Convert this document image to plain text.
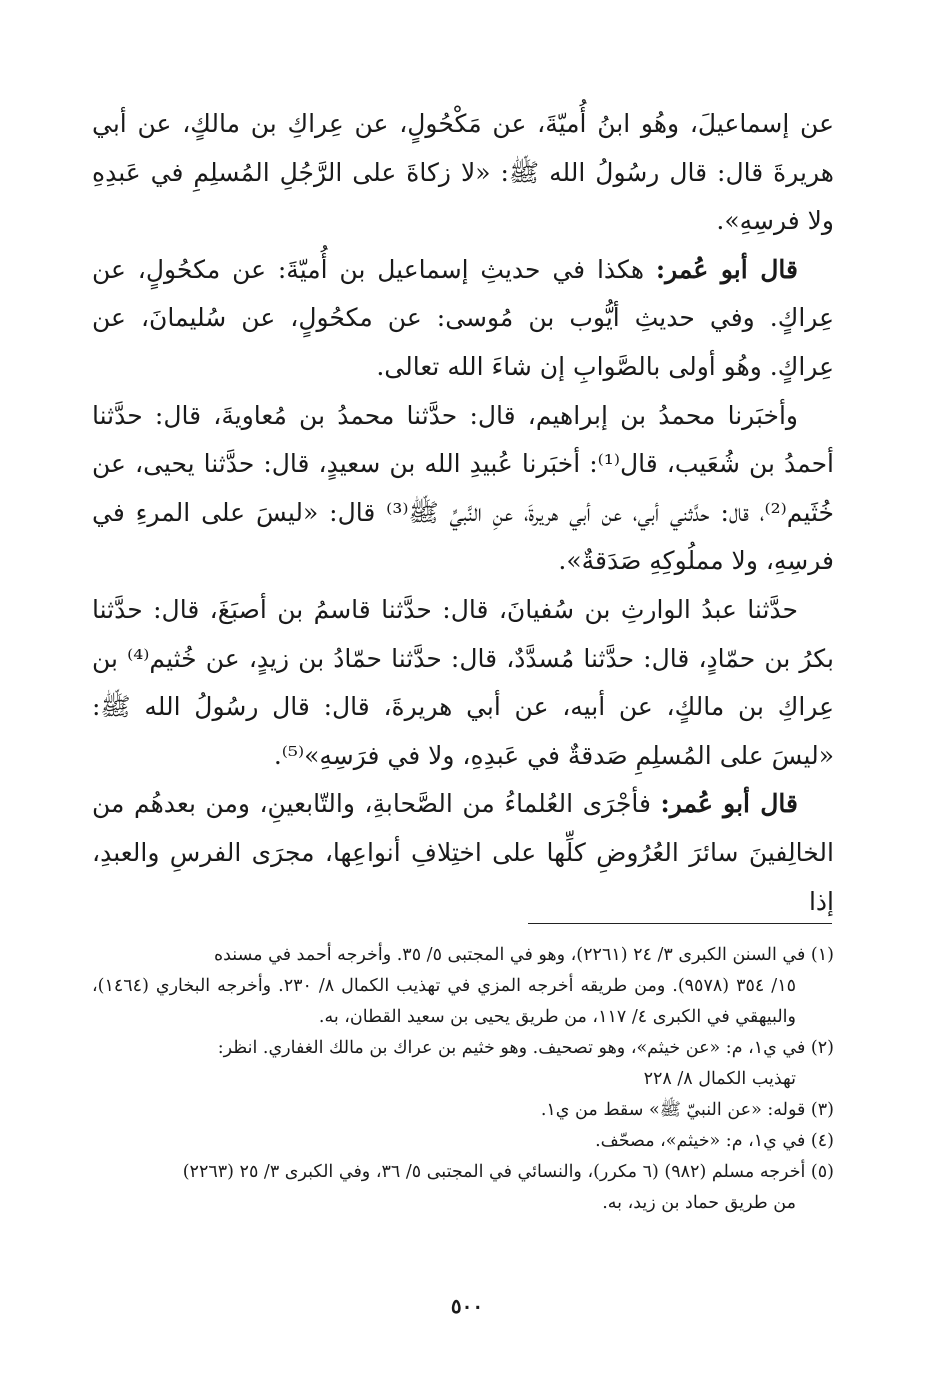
عن إسماعيلَ، وهُو ابنُ أُميّةَ، عن مَكْحُولٍ، عن عِراكِ بن مالكٍ، عن أبي هريرةَ قال: قال رسُولُ الله ﷺ: «لا زكاةَ على الرَّجُلِ المُسلِمِ في عَبدِهِ ولا فرسِهِ».

قال أبو عُمر: هكذا في حديثِ إسماعيل بن أُميّةَ: عن مكحُولٍ، عن عِراكٍ. وفي حديثِ أيُّوب بن مُوسى: عن مكحُولٍ، عن سُليمانَ، عن عِراكٍ. وهُو أولى بالصَّوابِ إن شاءَ الله تعالى.

وأخبَرنا محمدُ بن إبراهيم، قال: حدَّثنا محمدُ بن مُعاويةَ، قال: حدَّثنا أحمدُ بن شُعَيب، قال⁽¹⁾: أخبَرنا عُبيدِ الله بن سعيدٍ، قال: حدَّثنا يحيى، عن خُثَيم⁽²⁾، قال: حدَّثني أبي، عن أبي هريرةَ، عنِ النَّبيِّ ﷺ⁽³⁾ قال: «ليسَ على المرءِ في فرسِهِ، ولا مملُوكِهِ صَدَقةٌ».

حدَّثنا عبدُ الوارثِ بن سُفيانَ، قال: حدَّثنا قاسمُ بن أصبَغَ، قال: حدَّثنا بكرُ بن حمّادٍ، قال: حدَّثنا مُسدَّدٌ، قال: حدَّثنا حمّادُ بن زيدٍ، عن خُثيم⁽⁴⁾ بن عِراكِ بن مالكٍ، عن أبيه، عن أبي هريرةَ، قال: قال رسُولُ الله ﷺ: «ليسَ على المُسلِمِ صَدقةٌ في عَبدِهِ، ولا في فرَسِهِ»⁽⁵⁾.

قال أبو عُمر: فأجْرَى العُلماءُ من الصَّحابةِ، والتّابعينِ، ومن بعدهُم من الخالِفينَ سائرَ العُرُوضِ كلِّها على اختِلافِ أنواعِها، مجرَى الفرسِ والعبدِ، إذا

(١) في السنن الكبرى ٣/ ٢٤ (٢٢٦١)، وهو في المجتبى ٥/ ٣٥. وأخرجه أحمد في مسنده
١٥/ ٣٥٤ (٩٥٧٨). ومن طريقه أخرجه المزي في تهذيب الكمال ٨/ ٢٣٠. وأخرجه البخاري (١٤٦٤)، والبيهقي في الكبرى ٤/ ١١٧، من طريق يحيى بن سعيد القطان، به.

(٢) في ي١، م: «عن خيثم»، وهو تصحيف. وهو خثيم بن عراك بن مالك الغفاري. انظر:
تهذيب الكمال ٨/ ٢٢٨

(٣) قوله: «عن النبيّ ﷺ» سقط من ي١.

(٤) في ي١، م: «خيثم»، مصحّف.

(٥) أخرجه مسلم (٩٨٢) (٦ مكرر)، والنسائي في المجتبى ٥/ ٣٦، وفي الكبرى ٣/ ٢٥ (٢٢٦٣)
من طريق حماد بن زيد، به.

٥٠٠
